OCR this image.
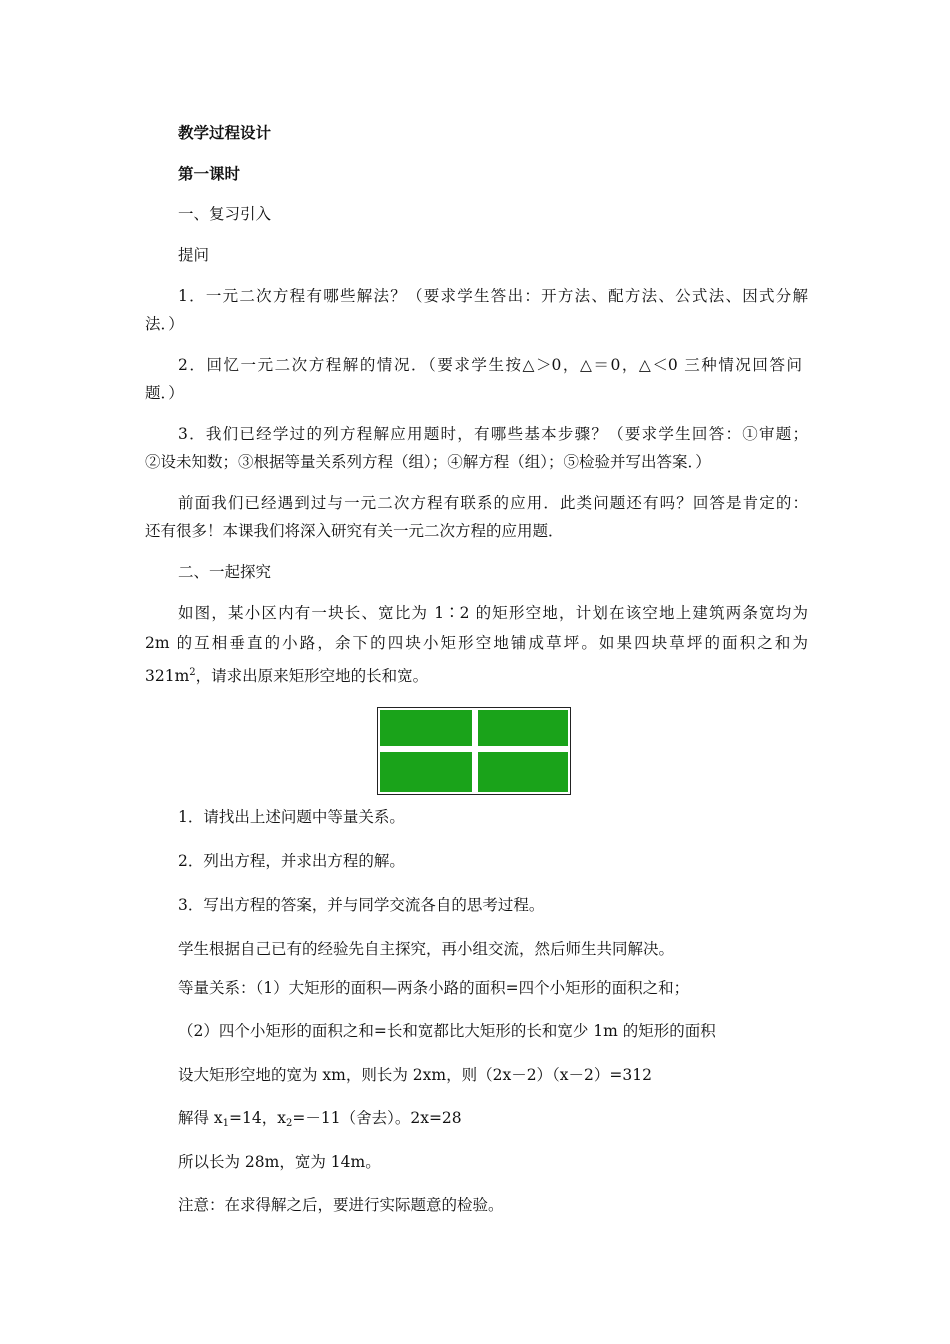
教学过程设计
第一课时
一、复习引入
提问
1．一元二次方程有哪些解法？（要求学生答出：开方法、配方法、公式法、因式分解
法．）
2．回忆一元二次方程解的情况．（要求学生按△＞0，△＝0，△＜0 三种情况回答问
题．）
3．我们已经学过的列方程解应用题时，有哪些基本步骤？（要求学生回答：①审题；
②设未知数；③根据等量关系列方程（组）；④解方程（组）；⑤检验并写出答案．）
前面我们已经遇到过与一元二次方程有联系的应用．此类问题还有吗？回答是肯定的：
还有很多！本课我们将深入研究有关一元二次方程的应用题．
二、一起探究
如图，某小区内有一块长、宽比为 1∶2 的矩形空地，计划在该空地上建筑两条宽均为
2m 的互相垂直的小路，余下的四块小矩形空地铺成草坪。如果四块草坪的面积之和为
$321m^2$，请求出原来矩形空地的长和宽。
1．请找出上述问题中等量关系。
2．列出方程，并求出方程的解。
3．写出方程的答案，并与同学交流各自的思考过程。
学生根据自己已有的经验先自主探究，再小组交流，然后师生共同解决。
等量关系：（1）大矩形的面积—两条小路的面积=四个小矩形的面积之和；
（2）四个小矩形的面积之和=长和宽都比大矩形的长和宽少 1m 的矩形的面积
设大矩形空地的宽为 xm，则长为 2xm，则（2x－2）（x－2）=312
解得 $x_1=14$，$x_2=-11$（舍去）。2x=28
所以长为 28m，宽为 14m。
注意：在求得解之后，要进行实际题意的检验。
